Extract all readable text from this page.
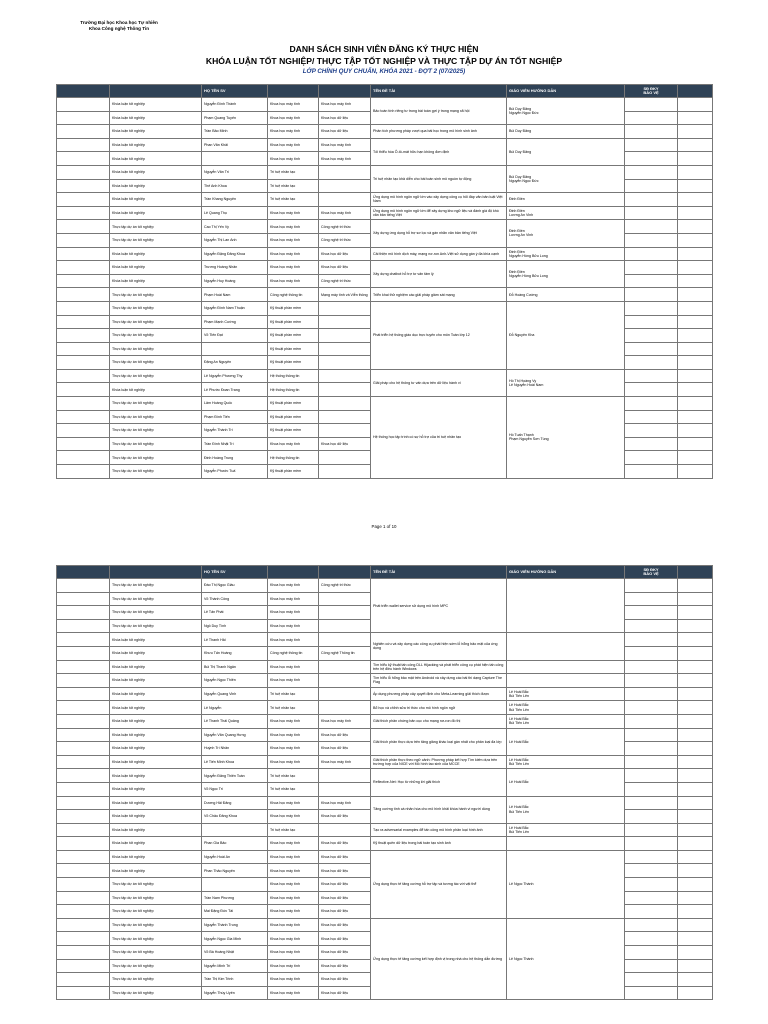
Trường Đại học Khoa học Tự nhiên
Khoa Công nghệ Thông Tin
DANH SÁCH SINH VIÊN ĐĂNG KÝ THỰC HIỆN
KHÓA LUẬN TỐT NGHIỆP/ THỰC TẬP TỐT NGHIỆP VÀ THỰC TẬP DỰ ÁN TỐT NGHIỆP
LỚP CHÍNH QUY CHUẨN, KHÓA 2021 - ĐỢT 2 (07/2025)
		HỌ TÊN SV			TÊN ĐỀ TÀI	GIÁO VIÊN HƯỚNG DẪN	SĐ ĐKY
BẢO VỆ	
	Khóa luận tốt nghiệp	Nguyễn Đình Thành	Khoa học máy tính	Khoa học máy tính	Bảo toàn tính riêng tư trong bài toán gợi ý trong mạng xã hội	Bùi Duy Đăng
Nguyễn Ngọc Đức		
	Khóa luận tốt nghiệp	Phạm Quang Tuyến	Khoa học máy tính	Khoa học dữ liệu				
	Khóa luận tốt nghiệp	Trần Bảo Minh	Khoa học máy tính	Khoa học dữ liệu	Phân tích phương pháp vượt qua bài học trong mô hình sinh ảnh	Bùi Duy Đăng		
	Khóa luận tốt nghiệp	Phan Văn Khải	Khoa học máy tính	Khoa học máy tính	Tối thiểu hóa Ô-tô-mát hữu hạn không đơn định	Bùi Duy Đăng		
	Khóa luận tốt nghiệp		Khoa học máy tính	Khoa học máy tính				
	Khóa luận tốt nghiệp	Nguyễn Văn Trí	Trí tuệ nhân tạo		Trí tuệ nhân tạo khả diễn cho bài toán sinh mô nguồn tự động	Bùi Duy Đăng
Nguyễn Ngọc Đức		
	Khóa luận tốt nghiệp	Thế Anh Khoa	Trí tuệ nhân tạo					
	Khóa luận tốt nghiệp	Trần Khang Nguyên	Trí tuệ nhân tạo		Ứng dụng mô hình ngôn ngữ lớn vào xây dựng công cụ hỏi đáp văn bản luật Việt Nam	Đinh Điền		
	Khóa luận tốt nghiệp	Lê Quang Thụ	Khoa học máy tính	Khoa học máy tính	Ứng dụng mô hình ngôn ngữ lớn để xây dựng kho ngữ liệu và đánh giá độ khó văn bản tiếng Việt	Đinh Điền
Lương An Vinh		
	Thực tập dự án tốt nghiệp	Cao Thị Yến Vy	Khoa học máy tính	Công nghệ tri thức	Xây dựng ứng dụng hỗ trợ sơ lọc và gán nhãn văn bản tiếng Việt	Đinh Điền
Lương An Vinh		
	Thực tập dự án tốt nghiệp	Nguyễn Thị Lan Anh	Khoa học máy tính	Công nghệ tri thức				
	Khóa luận tốt nghiệp	Nguyễn Đặng Đăng Khoa	Khoa học máy tính	Khoa học dữ liệu	Cải thiện mô hình dịch máy, mạng nơ-ron Anh-Việt sử dụng gán ý đa khía cạnh	Đinh Điền
Nguyễn Hồng Bửu Long		
	Khóa luận tốt nghiệp	Trương Hoàng Nhân	Khoa học máy tính	Khoa học dữ liệu	Xây dựng chatbot hỗ trợ tư vấn tâm lý	Đinh Điền
Nguyễn Hồng Bửu Long		
	Khóa luận tốt nghiệp	Nguyễn Huy Hoàng	Khoa học máy tính	Công nghệ tri thức				
	Thực tập dự án tốt nghiệp	Phạm Hoài Nam	Công nghệ thông tin	Mạng máy tính và Viễn thông	Triển khai thử nghiệm các giải pháp giám sát mạng	Đỗ Hoàng Cường		
	Thực tập dự án tốt nghiệp	Nguyễn Đình Nam Thuận	Kỹ thuật phần mềm		Phát triển hệ thống giáo dục trực tuyến cho môn Toán lớp 12	Đỗ Nguyên Kha		
	Thực tập dự án tốt nghiệp	Phạm Mạnh Cường	Kỹ thuật phần mềm					
	Thực tập dự án tốt nghiệp	Võ Tiến Đạt	Kỹ thuật phần mềm					
	Thực tập dự án tốt nghiệp		Kỹ thuật phần mềm					
	Thực tập dự án tốt nghiệp	Đặng An Nguyên	Kỹ thuật phần mềm					
	Thực tập dự án tốt nghiệp	Lê Nguyễn Phương Thy	Hệ thống thông tin		Giải pháp cho hệ thống tư vấn dựa trên dữ liệu hành vi	Hồ Thị Hoàng Vy
Lê Nguyễn Hoài Nam		
	Khóa luận tốt nghiệp	Lê Phước Đoan Trang	Hệ thống thông tin					
	Thực tập dự án tốt nghiệp	Lâm Hoàng Quốc	Kỹ thuật phần mềm		Hệ thống học tập trình có sự hỗ trợ của trí tuệ nhân tạo	Hồ Tuấn Thanh
Phạm Nguyễn Sơn Tùng		
	Thực tập dự án tốt nghiệp	Phạm Đình Tiến	Kỹ thuật phần mềm					
	Thực tập dự án tốt nghiệp	Nguyễn Thành Trí	Kỹ thuật phần mềm					
	Thực tập dự án tốt nghiệp	Trần Đình Nhật Trí	Khoa học máy tính	Khoa học dữ liệu				
	Thực tập dự án tốt nghiệp	Đinh Hoàng Trung	Hệ thống thông tin					
	Thực tập dự án tốt nghiệp	Nguyễn Phước Tuấ	Kỹ thuật phần mềm					
Page 1 of 10
		HỌ TÊN SV			TÊN ĐỀ TÀI	GIÁO VIÊN HƯỚNG DẪN	SĐ ĐKY
BẢO VỆ	
	Thực tập dự án tốt nghiệp	Đào Thị Ngọc Giàu	Khoa học máy tính	Công nghệ tri thức	Phát triển wallet service sử dụng mô hình MPC			
	Thực tập dự án tốt nghiệp	Võ Thành Công	Khoa học máy tính					
	Thực tập dự án tốt nghiệp	Lê Tấn Phát	Khoa học máy tính					
	Thực tập dự án tốt nghiệp	Ngô Duy Tính	Khoa học máy tính					
	Khóa luận tốt nghiệp	Lê Thanh Hải	Khoa học máy tính		Nghiên cứu và xây dựng các công cụ phát hiện sớm lỗ hổng bảo mật của ứng dụng			
	Khóa luận tốt nghiệp	Khưu Tấn Hoàng	Công nghệ thông tin	Công nghệ Thông tin				
	Khóa luận tốt nghiệp	Bùi Thị Thanh Ngân	Khoa học máy tính		Tìm hiểu kỹ thuật tấn công DLL Hijacking và phát triển công cụ phát hiện tấn công trên hệ điều hành Windows			
	Khóa luận tốt nghiệp	Nguyễn Ngọc Thiên	Khoa học máy tính		Tìm hiểu lỗ hổng bảo mật trên Android và xây dựng các bài thi dạng Capture The Flag			
	Khóa luận tốt nghiệp	Nguyễn Quang Vinh	Trí tuệ nhân tạo		Áp dụng phương pháp cây quyết định cho Meta-Learning giải thích được	Lê Hoài Bắc
Bùi Tiến Lên		
	Khóa luận tốt nghiệp	Lê Nguyễn	Trí tuệ nhân tạo		Bổ học và chỉnh sửa tri thức cho mô hình ngôn ngữ	Lê Hoài Bắc
Bùi Tiến Lên		
	Khóa luận tốt nghiệp	Lê Thanh Thái Quảng	Khoa học máy tính	Khoa học máy tính	Giải thích phân chứng bản cục cho mạng nơ-ron đồ thị	Lê Hoài Bắc
Bùi Tiến Lên		
	Khóa luận tốt nghiệp	Nguyễn Văn Quang Hưng	Khoa học máy tính	Khoa học dữ liệu	Giải thích phân thực dựa trên tăng giảng khác loại gần nhất cho phân loại đa lớp	Lê Hoài Bắc		
	Khóa luận tốt nghiệp	Huỳnh Trí Nhân	Khoa học máy tính	Khoa học dữ liệu				
	Khóa luận tốt nghiệp	Lê Tiến Minh Khoa	Khoa học máy tính	Khoa học máy tính	Giải thích phân thực theo ngữ cảnh: Phương pháp kết hợp Tìm kiếm dựa trên trường hợp của NICE với Mô hình tao sinh của MCCE	Lê Hoài Bắc
Bùi Tiến Lên		
	Khóa luận tốt nghiệp	Nguyễn Đăng Thiên Toàn	Trí tuệ nhân tạo		Reflective-Net: Học từ những lời giải thích	Lê Hoài Bắc		
	Khóa luận tốt nghiệp	Võ Ngọc Trí	Trí tuệ nhân tạo					
	Khóa luận tốt nghiệp	Dương Hải Đăng	Khoa học máy tính	Khoa học máy tính	Tăng cường tính cá nhân hóa cho mô hình khải khóa hành vi người dùng	Lê Hoài Bắc
Bùi Tiến Lên		
	Khóa luận tốt nghiệp	Võ Châu Đăng Khoa	Khoa học máy tính	Khoa học dữ liệu				
	Khóa luận tốt nghiệp		Trí tuệ nhân tạo		Tạo ra adversarial examples để tấn công mô hình phân loại hình ảnh	Lê Hoài Bắc
Bùi Tiến Lên		
	Khóa luận tốt nghiệp	Phan Gia Bảo	Khoa học máy tính	Khoa học dữ liệu	Kỹ thuật quên dữ liệu trong bài toán tạo sinh ảnh			
	Khóa luận tốt nghiệp	Nguyễn Hoài An	Khoa học máy tính	Khoa học dữ liệu	Ứng dụng thực tế tăng cường hỗ trợ tập và tương tác với vật thể	Lê Ngọc Thành		
	Khóa luận tốt nghiệp	Phan Thảo Nguyên	Khoa học máy tính	Khoa học dữ liệu				
	Thực tập dự án tốt nghiệp		Khoa học máy tính	Khoa học dữ liệu				
	Thực tập dự án tốt nghiệp	Trần Nam Phương	Khoa học máy tính	Khoa học dữ liệu				
	Thực tập dự án tốt nghiệp	Mai Đặng Đức Tài	Khoa học máy tính	Khoa học dữ liệu				
	Thực tập dự án tốt nghiệp	Nguyễn Thành Trung	Khoa học máy tính	Khoa học dữ liệu	Ứng dụng thực tế tăng cường kết hợp định vị trong nhà cho hệ thống dẫn đường	Lê Ngọc Thành		
	Thực tập dự án tốt nghiệp	Nguyễn Ngọc Gia Minh	Khoa học máy tính	Khoa học dữ liệu				
	Thực tập dự án tốt nghiệp	Võ Bá Hoàng Nhật	Khoa học máy tính	Khoa học dữ liệu				
	Thực tập dự án tốt nghiệp	Nguyễn Minh Trí	Khoa học máy tính	Khoa học dữ liệu				
	Thực tập dự án tốt nghiệp	Trần Thị Kim Trinh	Khoa học máy tính	Khoa học dữ liệu				
	Thực tập dự án tốt nghiệp	Nguyễn Thùy Uyên	Khoa học máy tính	Khoa học dữ liệu				
